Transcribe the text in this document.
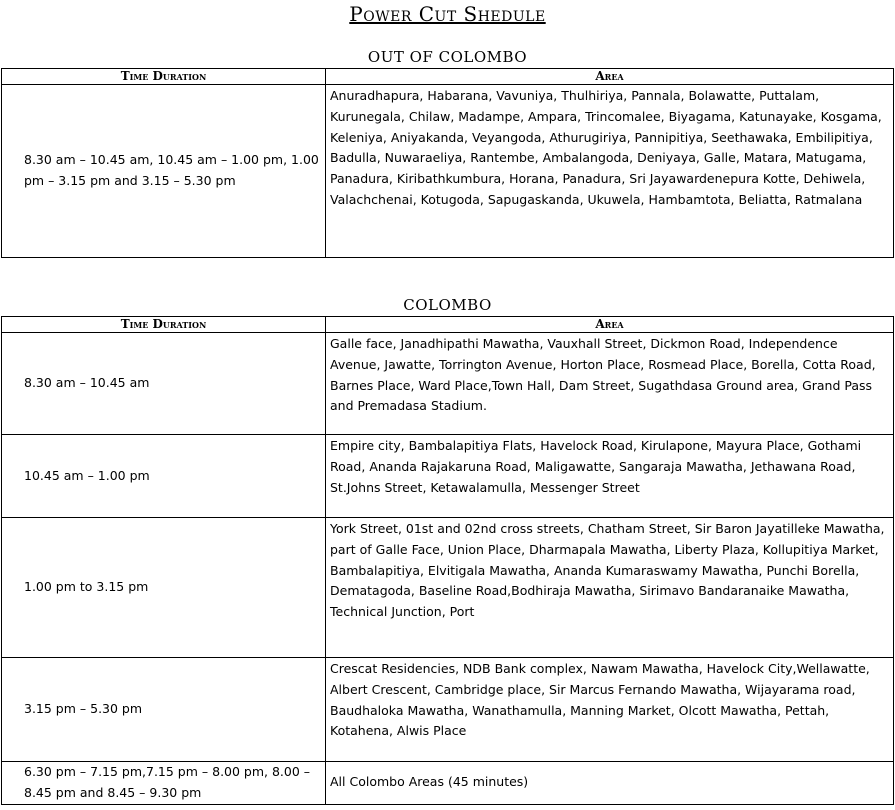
Power Cut Shedule
OUT OF COLOMBO
Time Duration	Area
8.30 am – 10.45 am, 10.45 am – 1.00 pm, 1.00 pm – 3.15 pm and 3.15 – 5.30 pm	Anuradhapura, Habarana, Vavuniya, Thulhiriya, Pannala, Bolawatte, Puttalam, Kurunegala, Chilaw, Madampe, Ampara, Trincomalee, Biyagama, Katunayake, Kosgama, Keleniya, Aniyakanda, Veyangoda, Athurugiriya, Pannipitiya, Seethawaka, Embilipitiya, Badulla, Nuwaraeliya, Rantembe, Ambalangoda, Deniyaya, Galle, Matara, Matugama, Panadura, Kiribathkumbura, Horana, Panadura, Sri Jayawardenepura Kotte, Dehiwela, Valachchenai, Kotugoda, Sapugaskanda, Ukuwela, Hambamtota, Beliatta, Ratmalana
COLOMBO
Time Duration	Area
8.30 am – 10.45 am	Galle face, Janadhipathi Mawatha, Vauxhall Street, Dickmon Road, Independence Avenue, Jawatte, Torrington Avenue, Horton Place, Rosmead Place, Borella, Cotta Road, Barnes Place, Ward Place,Town Hall, Dam Street, Sugathdasa Ground area, Grand Pass and Premadasa Stadium.
10.45 am – 1.00 pm	Empire city, Bambalapitiya Flats, Havelock Road, Kirulapone, Mayura Place, Gothami Road, Ananda Rajakaruna Road, Maligawatte, Sangaraja Mawatha, Jethawana Road, St.Johns Street, Ketawalamulla, Messenger Street
1.00 pm to 3.15 pm	York Street, 01st and 02nd cross streets, Chatham Street, Sir Baron Jayatilleke Mawatha, part of Galle Face, Union Place, Dharmapala Mawatha, Liberty Plaza, Kollupitiya Market, Bambalapitiya, Elvitigala Mawatha, Ananda Kumaraswamy Mawatha, Punchi Borella, Dematagoda, Baseline Road,Bodhiraja Mawatha, Sirimavo Bandaranaike Mawatha, Technical Junction, Port
3.15 pm – 5.30 pm	Crescat Residencies, NDB Bank complex, Nawam Mawatha, Havelock City,Wellawatte, Albert Crescent, Cambridge place, Sir Marcus Fernando Mawatha, Wijayarama road, Baudhaloka Mawatha, Wanathamulla, Manning Market, Olcott Mawatha, Pettah, Kotahena, Alwis Place
6.30 pm – 7.15 pm,7.15 pm – 8.00 pm, 8.00 – 8.45 pm and 8.45 – 9.30 pm	All Colombo Areas (45 minutes)
